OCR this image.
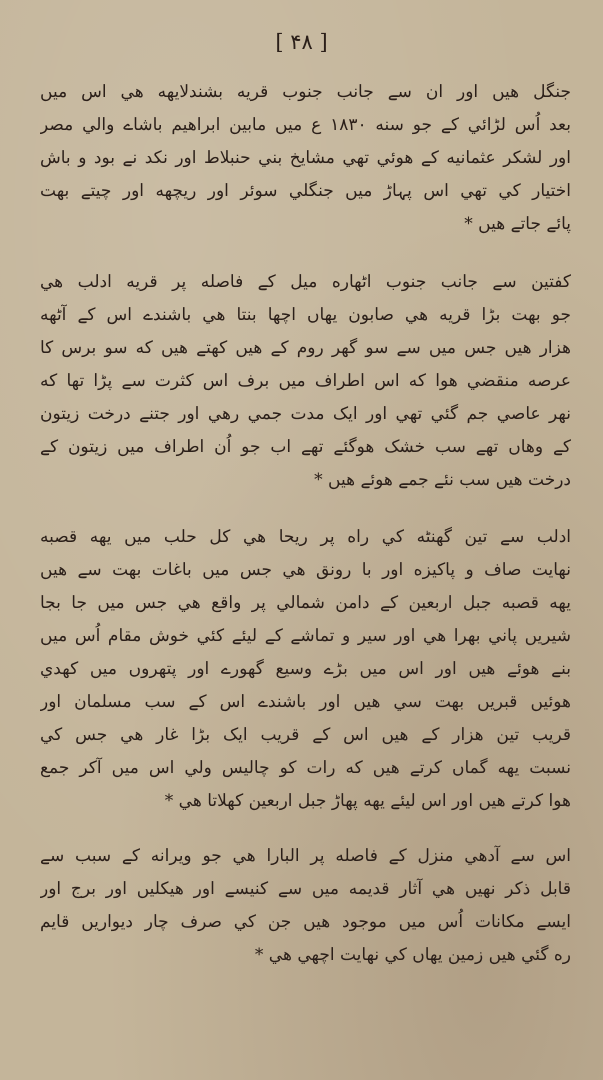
[ ۴۸ ]
جنگل هيں اور ان سے جانب جنوب قريه بشندلايهه هي اس ميں
بعد اُس لڑائي کے جو سنه ۱۸۳۰ ع ميں مابين ابراهيم باشاے والي مصر
اور لشکر عثمانيه کے هوئي تهي مشايخ بني حنبلاط اور نکد نے بود و باش
اختيار کي تهي اس پہاڑ ميں جنگلي سوئر اور ريچهه اور چيتے بهت
پائے جاتے هيں *
کفتين سے جانب جنوب اٹهاره ميل کے فاصله پر قريه ادلب هي
جو بهت بڑا قريه هي صابون يهاں اچها بنتا هي باشندے اس کے آٹهه
هزار هيں جس ميں سے سو گهر روم کے هيں کهتے هيں که سو برس کا
عرصه منقضي هوا که اس اطراف ميں برف اس کثرت سے پڑا تها که
نهر عاصي جم گئي تهي اور ايک مدت جمي رهي اور جتنے درخت زيتون
کے وهاں تهے سب خشک هوگئے تهے اب جو اُن اطراف ميں زيتون کے
درخت هيں سب نئے جمے هوئے هيں *
ادلب سے تين گهنٹه کي راه پر ريحا هي کل حلب ميں يهه قصبه
نهايت صاف و پاکيزه اور با رونق هي جس ميں باغات بهت سے هيں
يهه قصبه جبل اربعين کے دامن شمالي پر واقع هي جس ميں جا بجا
شيريں پاني بهرا هي اور سير و تماشے کے ليئے کئي خوش مقام اُس ميں
بنے هوئے هيں اور اس ميں بڑے وسيع گهورے اور پتهروں ميں کهدي
هوئيں قبريں بهت سي هيں اور باشندے اس کے سب مسلمان اور
قريب تين هزار کے هيں اس کے قريب ايک بڑا غار هي جس کي
نسبت يهه گماں کرتے هيں که رات کو چاليس ولي اس ميں آکر جمع
هوا کرتے هيں اور اس ليئے يهه پهاڑ جبل اربعين کهلاتا هي *
اس سے آدهي منزل کے فاصله پر البارا هي جو ويرانه کے سبب سے
قابل ذکر نهيں هي آثار قديمه ميں سے کنيسے اور هيکليں اور برج اور
ايسے مکانات اُس ميں موجود هيں جن کي صرف چار ديواريں قايم
ره گئي هيں زمين يهاں کي نهايت اچهي هي *
